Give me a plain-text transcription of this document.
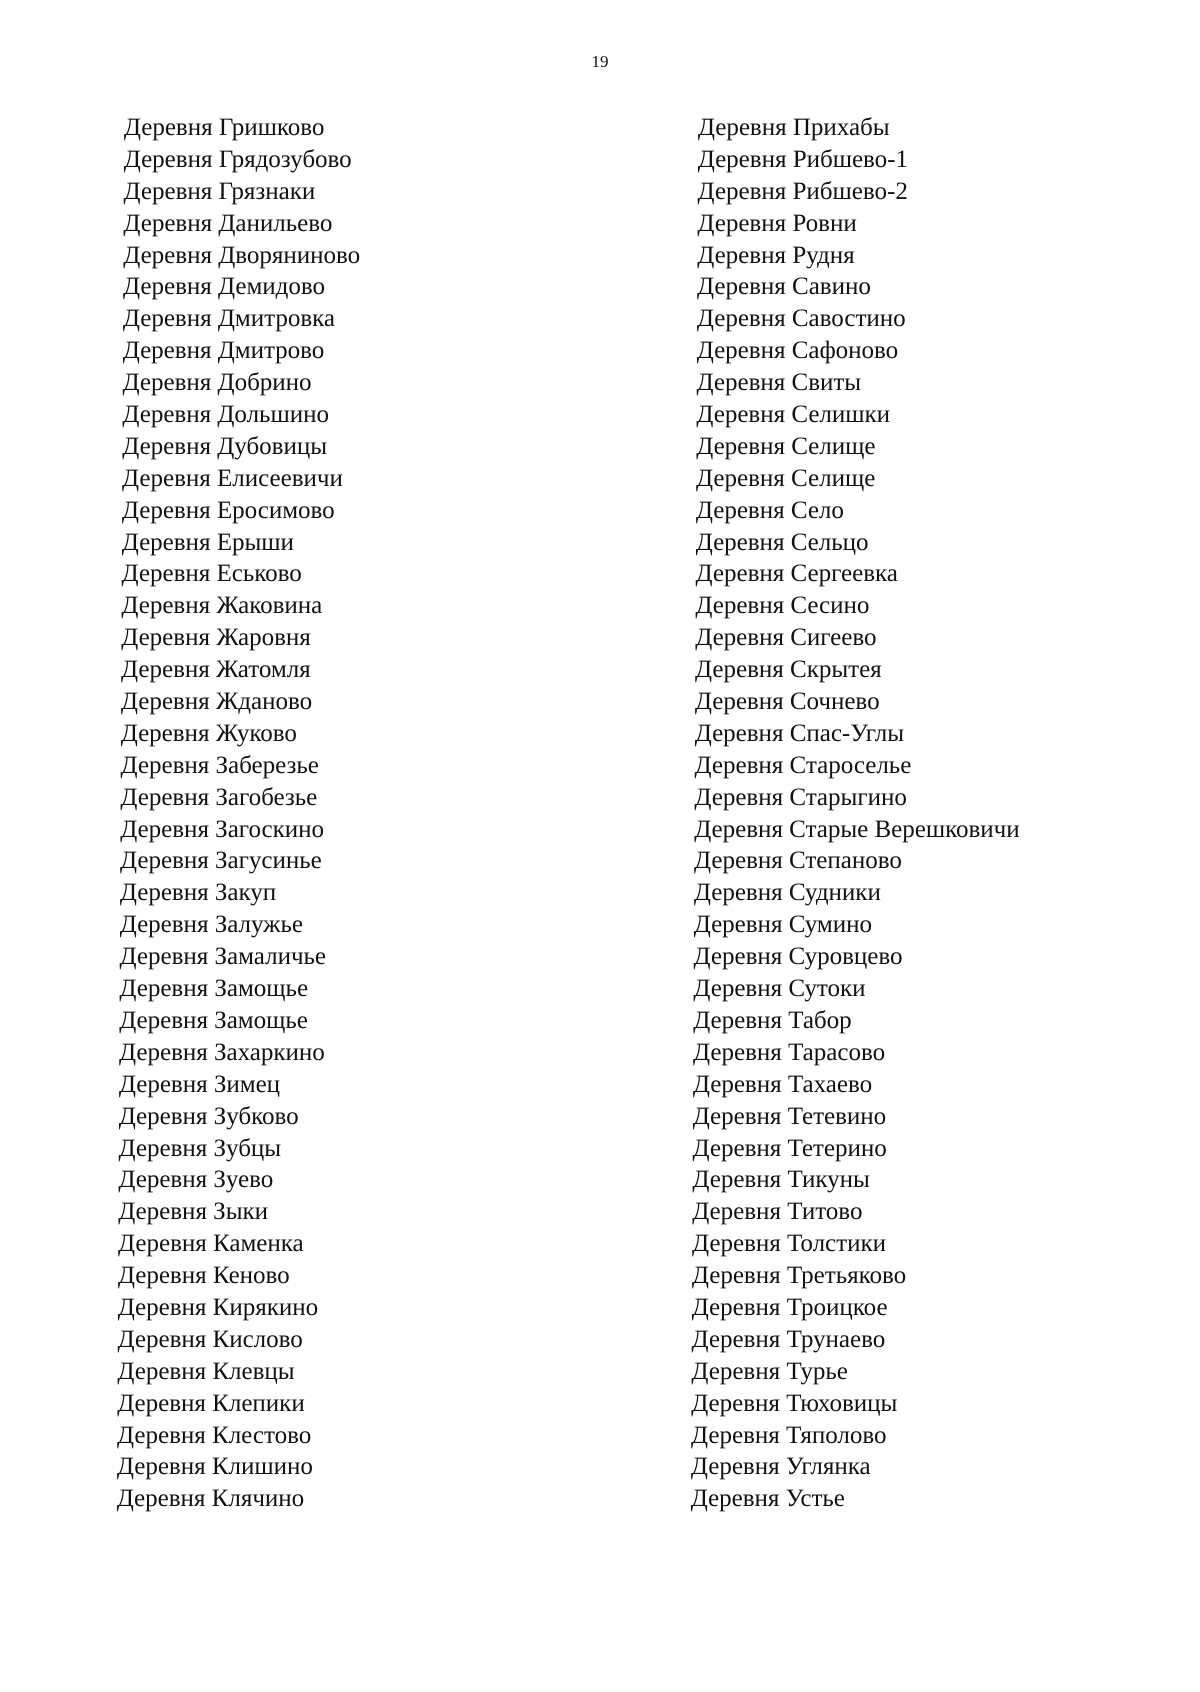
19
Деревня Гришково
Деревня Грядозубово
Деревня Грязнаки
Деревня Данильево
Деревня Дворяниново
Деревня Демидово
Деревня Дмитровка
Деревня Дмитрово
Деревня Добрино
Деревня Дольшино
Деревня Дубовицы
Деревня Елисеевичи
Деревня Еросимово
Деревня Ерыши
Деревня Еськово
Деревня Жаковина
Деревня Жаровня
Деревня Жатомля
Деревня Жданово
Деревня Жуково
Деревня Заберезье
Деревня Загобезье
Деревня Загоскино
Деревня Загусинье
Деревня Закуп
Деревня Залужье
Деревня Замаличье
Деревня Замощье
Деревня Замощье
Деревня Захаркино
Деревня Зимец
Деревня Зубково
Деревня Зубцы
Деревня Зуево
Деревня Зыки
Деревня Каменка
Деревня Кеново
Деревня Кирякино
Деревня Кислово
Деревня Клевцы
Деревня Клепики
Деревня Клестово
Деревня Клишино
Деревня Клячино
Деревня Прихабы
Деревня Рибшево-1
Деревня Рибшево-2
Деревня Ровни
Деревня Рудня
Деревня Савино
Деревня Савостино
Деревня Сафоново
Деревня Свиты
Деревня Селишки
Деревня Селище
Деревня Селище
Деревня Село
Деревня Сельцо
Деревня Сергеевка
Деревня Сесино
Деревня Сигеево
Деревня Скрытея
Деревня Сочнево
Деревня Спас-Углы
Деревня Староселье
Деревня Старыгино
Деревня Старые Верешковичи
Деревня Степаново
Деревня Судники
Деревня Сумино
Деревня Суровцево
Деревня Сутоки
Деревня Табор
Деревня Тарасово
Деревня Тахаево
Деревня Тетевино
Деревня Тетерино
Деревня Тикуны
Деревня Титово
Деревня Толстики
Деревня Третьяково
Деревня Троицкое
Деревня Трунаево
Деревня Турье
Деревня Тюховицы
Деревня Тяполово
Деревня Углянка
Деревня Устье
